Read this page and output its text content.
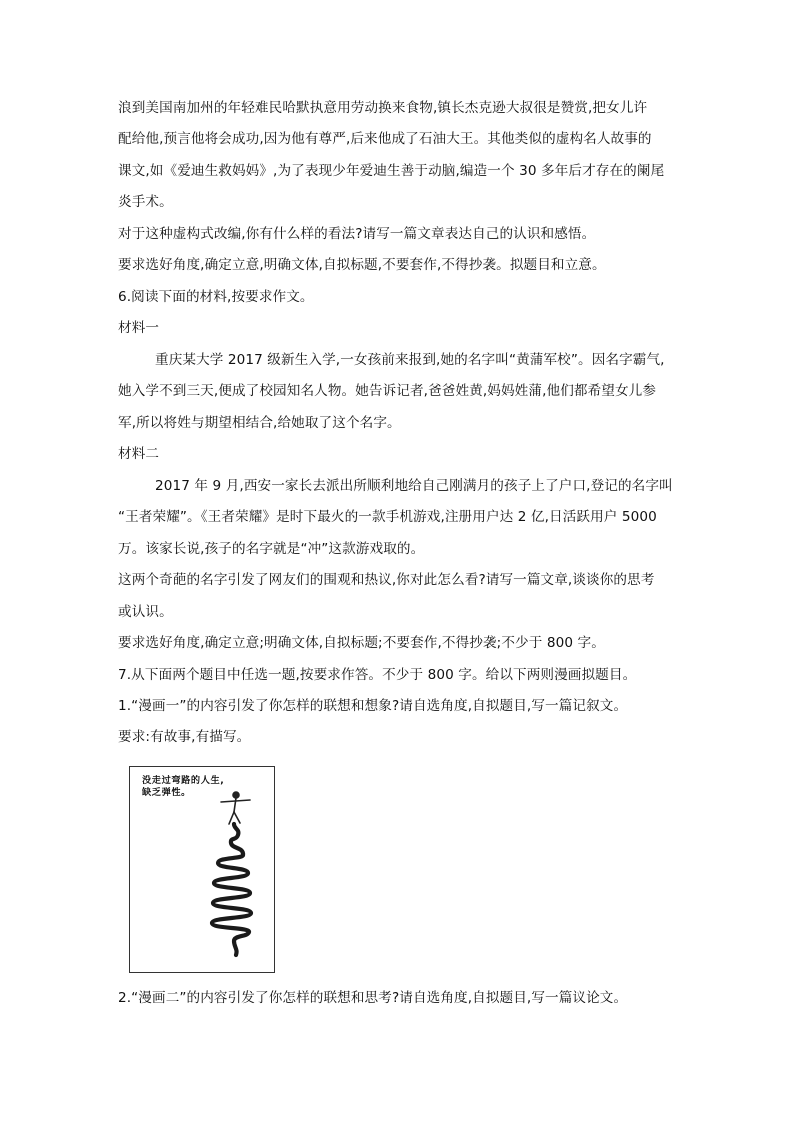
浪到美国南加州的年轻难民哈默执意用劳动换来食物,镇长杰克逊大叔很是赞赏,把女儿许
配给他,预言他将会成功,因为他有尊严,后来他成了石油大王。其他类似的虚构名人故事的
课文,如《爱迪生救妈妈》,为了表现少年爱迪生善于动脑,编造一个 30 多年后才存在的阑尾
炎手术。
对于这种虚构式改编,你有什么样的看法?请写一篇文章表达自己的认识和感悟。
要求选好角度,确定立意,明确文体,自拟标题,不要套作,不得抄袭。拟题目和立意。
6.阅读下面的材料,按要求作文。
材料一
重庆某大学 2017 级新生入学,一女孩前来报到,她的名字叫“黄蒲军校”。因名字霸气,
她入学不到三天,便成了校园知名人物。她告诉记者,爸爸姓黄,妈妈姓蒲,他们都希望女儿参
军,所以将姓与期望相结合,给她取了这个名字。
材料二
2017 年 9 月,西安一家长去派出所顺利地给自己刚满月的孩子上了户口,登记的名字叫
“王者荣耀”。《王者荣耀》是时下最火的一款手机游戏,注册用户达 2 亿,日活跃用户 5000
万。该家长说,孩子的名字就是“冲”这款游戏取的。
这两个奇葩的名字引发了网友们的围观和热议,你对此怎么看?请写一篇文章,谈谈你的思考
或认识。
要求选好角度,确定立意;明确文体,自拟标题;不要套作,不得抄袭;不少于 800 字。
7.从下面两个题目中任选一题,按要求作答。不少于 800 字。给以下两则漫画拟题目。
1.“漫画一”的内容引发了你怎样的联想和想象?请自选角度,自拟题目,写一篇记叙文。
要求:有故事,有描写。
没走过弯路的人生,
缺乏弹性。
2.“漫画二”的内容引发了你怎样的联想和思考?请自选角度,自拟题目,写一篇议论文。
